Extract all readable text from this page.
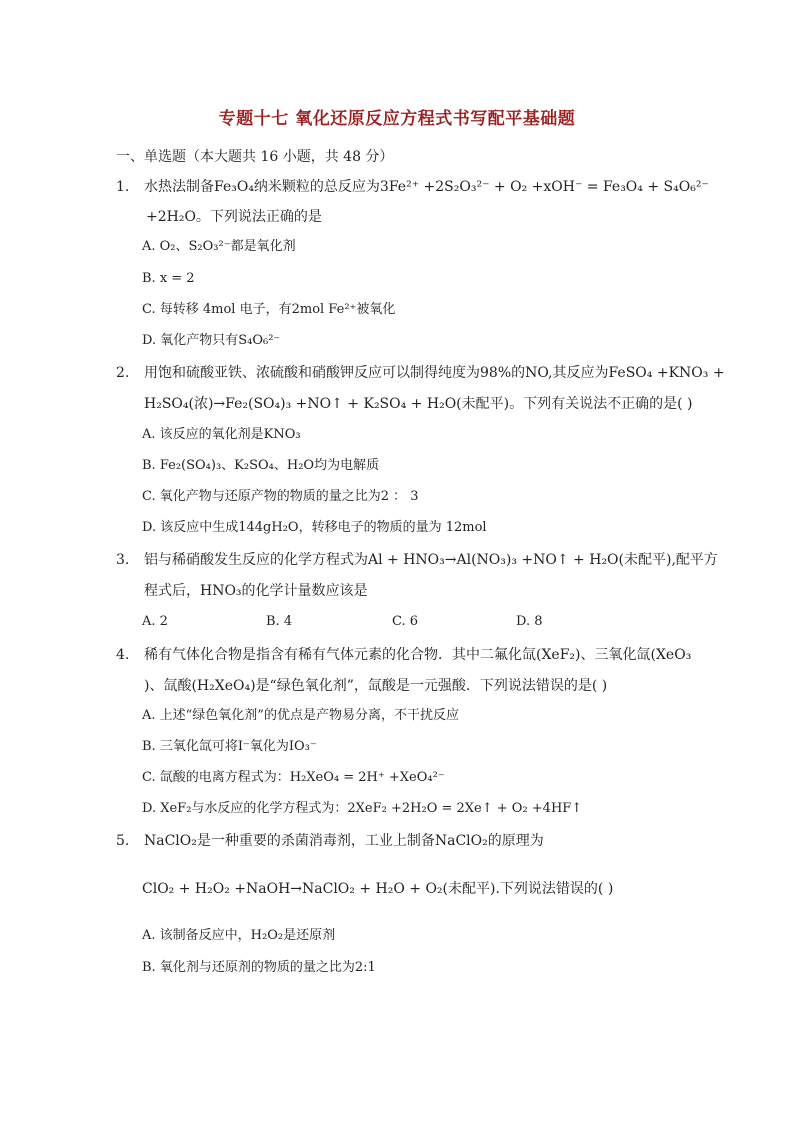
专题十七 氧化还原反应方程式书写配平基础题
一、单选题（本大题共 16 小题，共 48 分）
1.	水热法制备Fe₃O₄纳米颗粒的总反应为3Fe²⁺ +2S₂O₃²⁻ + O₂ +xOH⁻ = Fe₃O₄ + S₄O₆²⁻
+2H₂O。下列说法正确的是
A. O₂、S₂O₃²⁻都是氧化剂
B. x = 2
C. 每转移 4mol 电子，有2mol Fe²⁺被氧化
D. 氧化产物只有S₄O₆²⁻
2.	用饱和硫酸亚铁、浓硫酸和硝酸钾反应可以制得纯度为98%的NO,其反应为FeSO₄ +KNO₃ +
H₂SO₄(浓)→Fe₂(SO₄)₃ +NO↑ + K₂SO₄ + H₂O(未配平)。下列有关说法不正确的是( )
A. 该反应的氧化剂是KNO₃
B. Fe₂(SO₄)₃、K₂SO₄、H₂O均为电解质
C. 氧化产物与还原产物的物质的量之比为2 ： 3
D. 该反应中生成144gH₂O，转移电子的物质的量为 12mol
3.	铝与稀硝酸发生反应的化学方程式为Al + HNO₃→Al(NO₃)₃ +NO↑ + H₂O(未配平),配平方
程式后，HNO₃的化学计量数应该是
A. 2	B. 4	C. 6	D. 8
4.	稀有气体化合物是指含有稀有气体元素的化合物．其中二氟化氙(XeF₂)、三氧化氙(XeO₃
)、氙酸(H₂XeO₄)是“绿色氧化剂”，氙酸是一元强酸．下列说法错误的是( )
A. 上述“绿色氧化剂”的优点是产物易分离，不干扰反应
B. 三氧化氙可将I⁻氧化为IO₃⁻
C. 氙酸的电离方程式为：H₂XeO₄ = 2H⁺ +XeO₄²⁻
D. XeF₂与水反应的化学方程式为：2XeF₂ +2H₂O = 2Xe↑ + O₂ +4HF↑
5.	NaClO₂是一种重要的杀菌消毒剂，工业上制备NaClO₂的原理为
ClO₂ + H₂O₂ +NaOH→NaClO₂ + H₂O + O₂(未配平).下列说法错误的( )
A. 该制备反应中，H₂O₂是还原剂
B. 氧化剂与还原剂的物质的量之比为2:1
